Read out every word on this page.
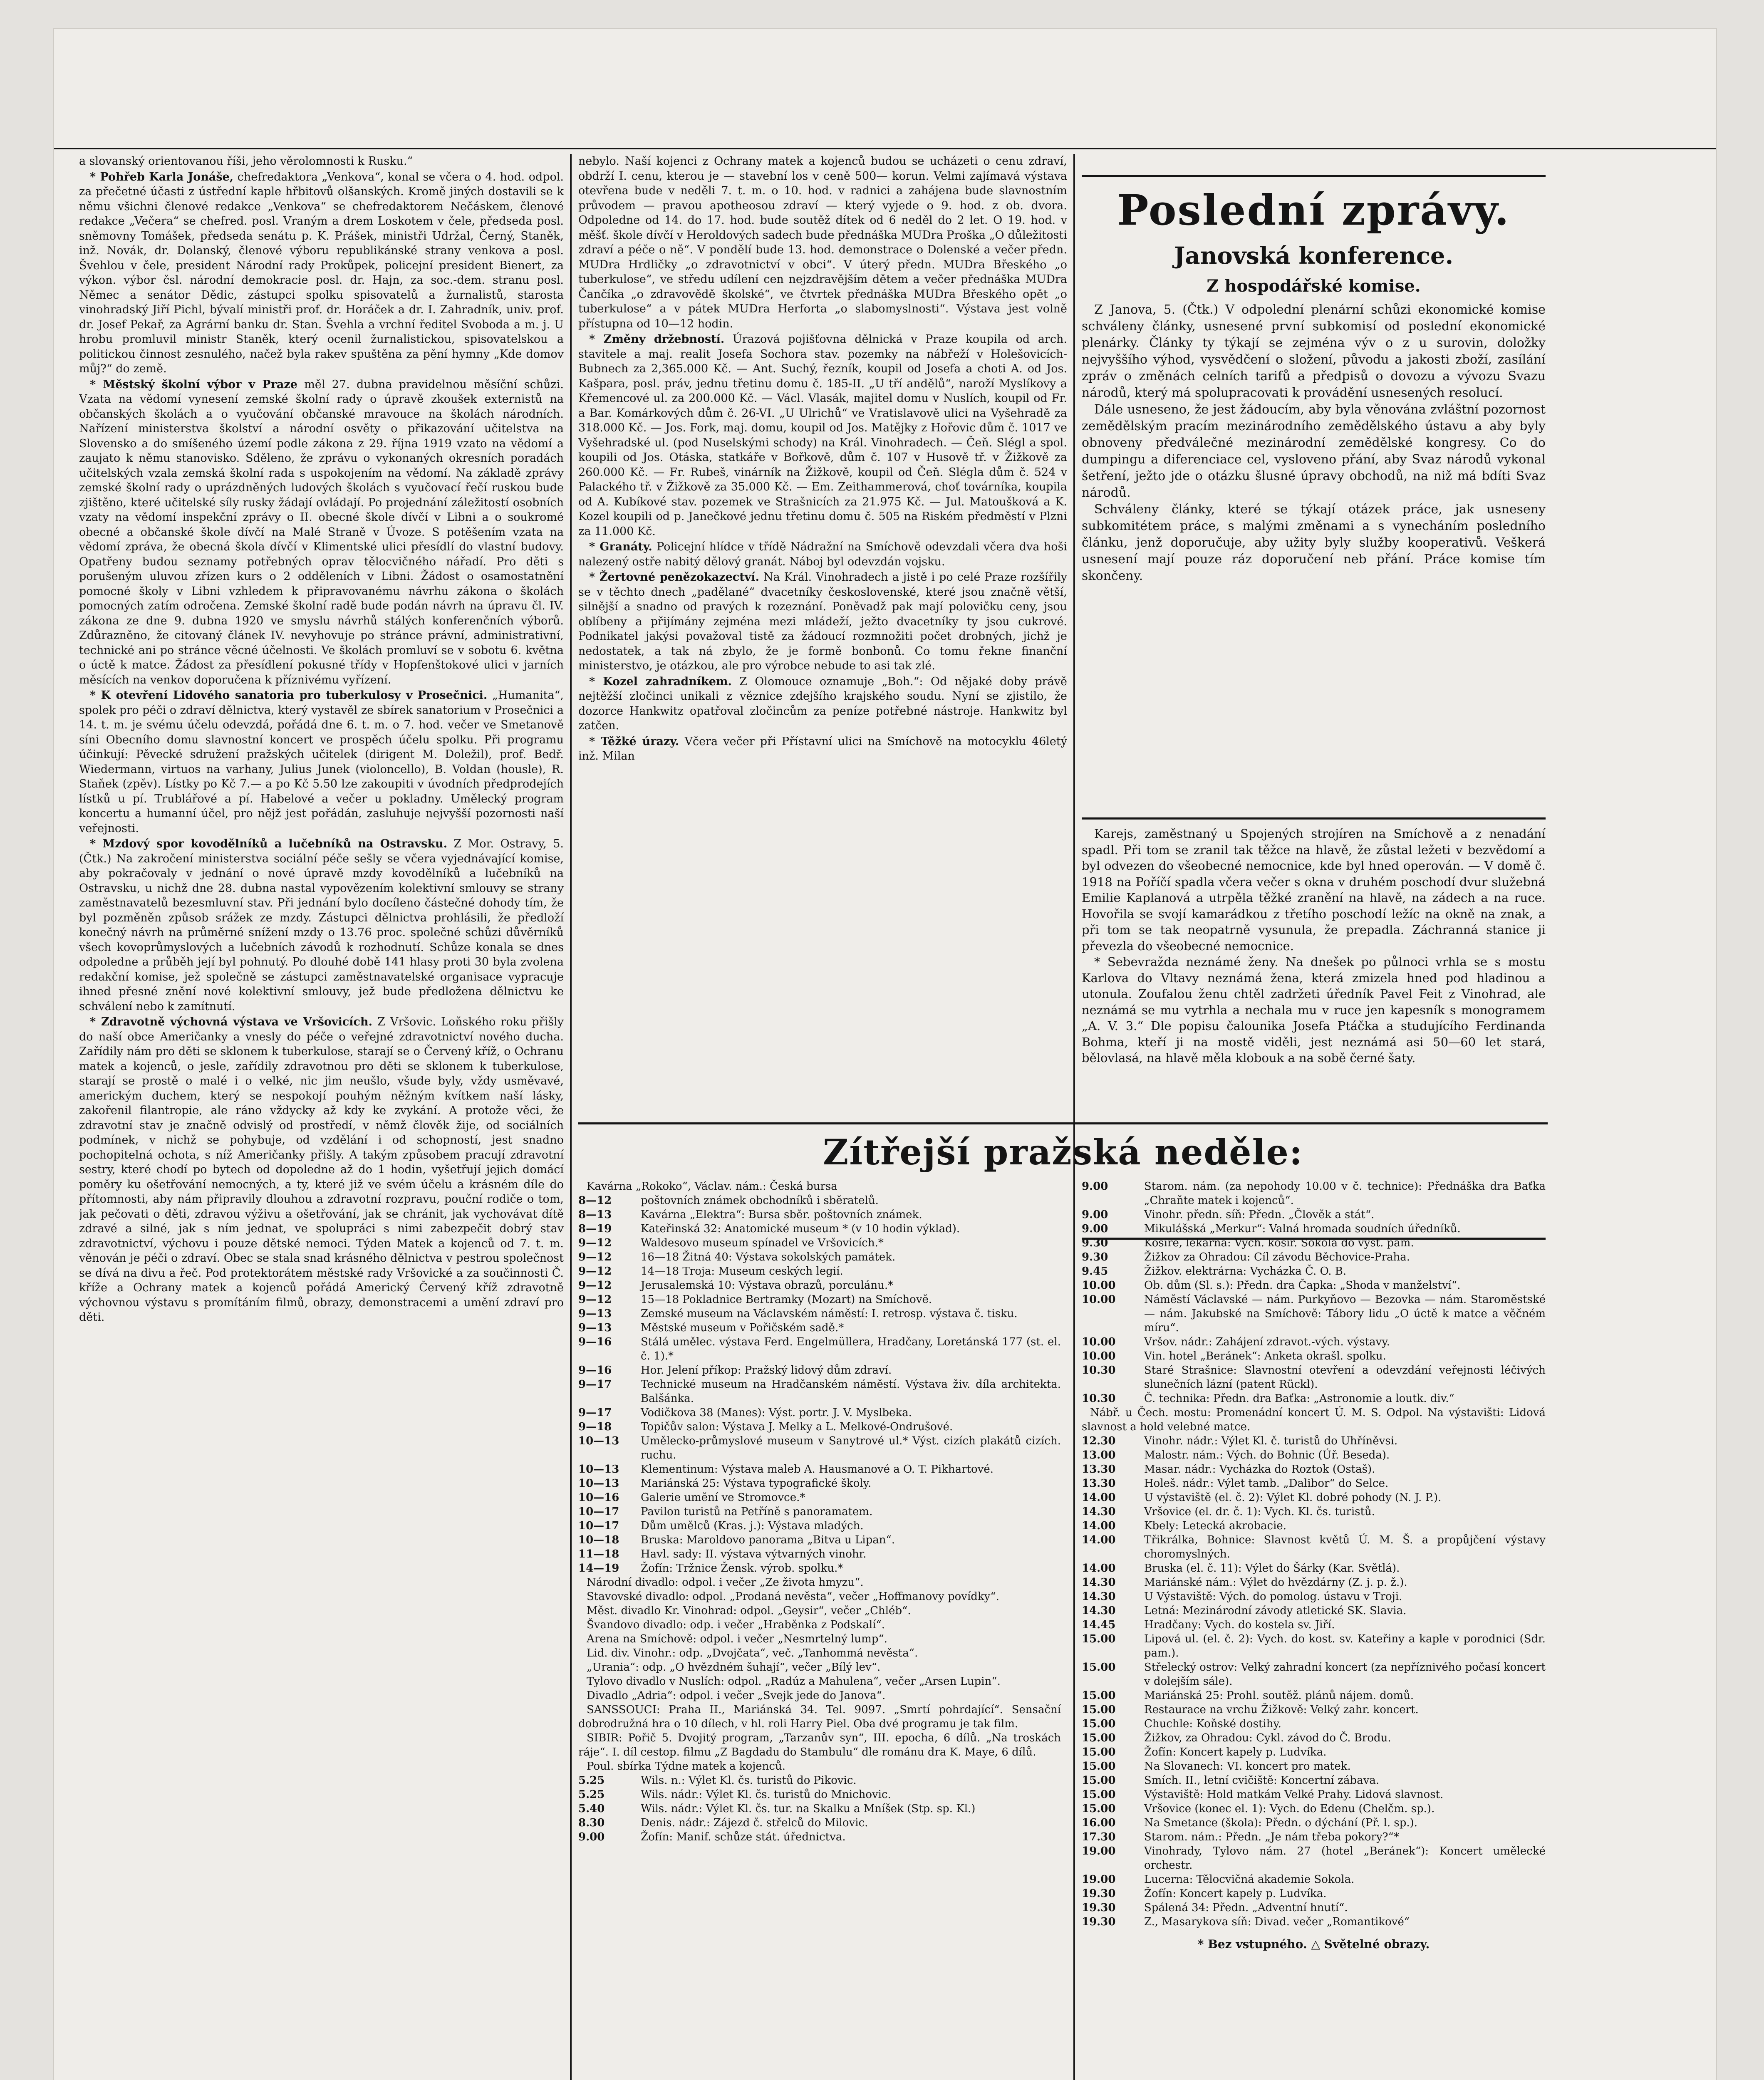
a slovanský orientovanou říši, jeho věrolomnosti k Rusku.“

* Pohřeb Karla Jonáše, chefredaktora „Venkova“, konal se včera o 4. hod. odpol. za přečetné účasti z ústřední kaple hřbitovů olšanských. Kromě jiných dostavili se k němu všichni členové redakce „Venkova“ se chefredaktorem Nečáskem, členové redakce „Večera“ se chefred. posl. Vraným a drem Loskotem v čele, předseda posl. sněmovny Tomášek, předseda senátu p. K. Prášek, ministři Udržal, Černý, Staněk, inž. Novák, dr. Dolanský, členové výboru republikánské strany venkova a posl. Švehlou v čele, president Národní rady Prokůpek, policejní president Bienert, za výkon. výbor čsl. národní demokracie posl. dr. Hajn, za soc.-dem. stranu posl. Němec a senátor Dědic, zástupci spolku spisovatelů a žurnalistů, starosta vinohradský Jiří Pichl, bývalí ministři prof. dr. Horáček a dr. I. Zahradník, univ. prof. dr. Josef Pekař, za Agrární banku dr. Stan. Švehla a vrchní ředitel Svoboda a m. j. U hrobu promluvil ministr Staněk, který ocenil žurnalistickou, spisovatelskou a politickou činnost zesnulého, načež byla rakev spuštěna za pění hymny „Kde domov můj?“ do země.

* Městský školní výbor v Praze měl 27. dubna pravidelnou měsíční schůzi. Vzata na vědomí vynesení zemské školní rady o úpravě zkoušek externistů na občanských školách a o vyučování občanské mravouce na školách národních. Nařízení ministerstva školství a národní osvěty o přikazování učitelstva na Slovensko a do smíšeného území podle zákona z 29. října 1919 vzato na vědomí a zaujato k němu stanovisko. Sděleno, že zprávu o vykonaných okresních poradách učitelských vzala zemská školní rada s uspokojením na vědomí. Na základě zprávy zemské školní rady o uprázdněných ludových školách s vyučovací řečí ruskou bude zjištěno, které učitelské síly rusky žádají ovládají. Po projednání záležitostí osobních vzaty na vědomí inspekční zprávy o II. obecné škole dívčí v Libni a o soukromé obecné a občanské škole dívčí na Malé Straně v Úvoze. S potěšením vzata na vědomí zpráva, že obecná škola dívčí v Klimentské ulici přesídlí do vlastní budovy. Opatřeny budou seznamy potřebných oprav tělocvičného nářadí. Pro děti s porušeným uluvou zřízen kurs o 2 odděleních v Libni. Žádost o osamostatnění pomocné školy v Libni vzhledem k připravovanému návrhu zákona o školách pomocných zatím odročena. Zemské školní radě bude podán návrh na úpravu čl. IV. zákona ze dne 9. dubna 1920 ve smyslu návrhů stálých konferenčních výborů. Zdůrazněno, že citovaný článek IV. nevyhovuje po stránce právní, administrativní, technické ani po stránce věcné účelnosti. Ve školách promluví se v sobotu 6. května o úctě k matce. Žádost za přesídlení pokusné třídy v Hopfenštokové ulici v jarních měsících na venkov doporučena k příznivému vyřízení.

* K otevření Lidového sanatoria pro tuberkulosy v Prosečnici. „Humanita“, spolek pro péči o zdraví dělnictva, který vystavěl ze sbírek sanatorium v Prosečnici a 14. t. m. je svému účelu odevzdá, pořádá dne 6. t. m. o 7. hod. večer ve Smetanově síni Obecního domu slavnostní koncert ve prospěch účelu spolku. Při programu účinkují: Pěvecké sdružení pražských učitelek (dirigent M. Doležil), prof. Bedř. Wiedermann, virtuos na varhany, Julius Junek (violoncello), B. Voldan (housle), R. Staňek (zpěv). Lístky po Kč 7.— a po Kč 5.50 lze zakoupiti v úvodních předprodejích lístků u pí. Trublářové a pí. Habelové a večer u pokladny. Umělecký program koncertu a humanní účel, pro nějž jest pořádán, zasluhuje nejvyšší pozornosti naší veřejnosti.

* Mzdový spor kovodělníků a lučebníků na Ostravsku. Z Mor. Ostravy, 5. (Čtk.) Na zakročení ministerstva sociální péče sešly se včera vyjednávající komise, aby pokračovaly v jednání o nové úpravě mzdy kovodělníků a lučebníků na Ostravsku, u nichž dne 28. dubna nastal vypovězením kolektivní smlouvy se strany zaměstnavatelů bezesmluvní stav. Při jednání bylo docíleno částečné dohody tím, že byl pozměněn způsob srážek ze mzdy. Zástupci dělnictva prohlásili, že předloží konečný návrh na průměrné snížení mzdy o 13.76 proc. společné schůzi důvěrníků všech kovoprůmyslových a lučebních závodů k rozhodnutí. Schůze konala se dnes odpoledne a průběh její byl pohnutý. Po dlouhé době 141 hlasy proti 30 byla zvolena redakční komise, jež společně se zástupci zaměstnavatelské organisace vypracuje ihned přesné znění nové kolektivní smlouvy, jež bude předložena dělnictvu ke schválení nebo k zamítnutí.

* Zdravotně výchovná výstava ve Vršovicích. Z Vršovic. Loňského roku přišly do naší obce Američanky a vnesly do péče o veřejné zdravotnictví nového ducha. Zařídily nám pro děti se sklonem k tuberkulose, starají se o Červený kříž, o Ochranu matek a kojenců, o jesle, zařídily zdravotnou pro děti se sklonem k tuberkulose, starají se prostě o malé i o velké, nic jim neušlo, všude byly, vždy usměvavé, americkým duchem, který se nespokojí pouhým něžným kvítkem naší lásky, zakořenil filantropie, ale ráno vždycky až kdy ke zvykání. A protože věci, že zdravotní stav je značně odvislý od prostředí, v němž člověk žije, od sociálních podmínek, v nichž se pohybuje, od vzdělání i od schopností, jest snadno pochopitelná ochota, s níž Američanky přišly. A takým způsobem pracují zdravotní sestry, které chodí po bytech od dopoledne až do 1 hodin, vyšetřují jejich domácí poměry ku ošetřování nemocných, a ty, které již ve svém účelu a krásném díle do přítomnosti, aby nám připravily dlouhou a zdravotní rozpravu, pouční rodiče o tom, jak pečovati o děti, zdravou výživu a ošetřování, jak se chránit, jak vychovávat dítě zdravé a silné, jak s ním jednat, ve spolupráci s nimi zabezpečit dobrý stav zdravotnictví, výchovu i pouze dětské nemoci. Týden Matek a kojenců od 7. t. m. věnován je péči o zdraví. Obec se stala snad krásného dělnictva v pestrou společnost se dívá na divu a řeč. Pod protektorátem městské rady Vršovické a za součinnosti Č. kříže a Ochrany matek a kojenců pořádá Americký Červený kříž zdravotně výchovnou výstavu s promítáním filmů, obrazy, demonstracemi a umění zdraví pro děti.

nebylo. Naší kojenci z Ochrany matek a kojenců budou se ucházeti o cenu zdraví, obdrží I. cenu, kterou je — stavební los v ceně 500— korun. Velmi zajímavá výstava otevřena bude v neděli 7. t. m. o 10. hod. v radnici a zahájena bude slavnostním průvodem — pravou apotheosou zdraví — který vyjede o 9. hod. z ob. dvora. Odpoledne od 14. do 17. hod. bude soutěž dítek od 6 neděl do 2 let. O 19. hod. v měšť. škole dívčí v Heroldových sadech bude přednáška MUDra Proška „O důležitosti zdraví a péče o ně“. V pondělí bude 13. hod. demonstrace o Dolenské a večer předn. MUDra Hrdličky „o zdravotnictví v obci“. V úterý předn. MUDra Břeského „o tuberkulose“, ve středu udílení cen nejzdravějším dětem a večer přednáška MUDra Čančíka „o zdravovědě školské“, ve čtvrtek přednáška MUDra Břeského opět „o tuberkulose“ a v pátek MUDra Herforta „o slabomyslnosti“. Výstava jest volně přístupna od 10—12 hodin.

* Změny držebností. Úrazová pojišťovna dělnická v Praze koupila od arch. stavitele a maj. realit Josefa Sochora stav. pozemky na nábřeží v Holešovicích-Bubnech za 2,365.000 Kč. — Ant. Suchý, řezník, koupil od Josefa a choti A. od Jos. Kašpara, posl. práv, jednu třetinu domu č. 185-II. „U tří andělů“, naroží Myslíkovy a Křemencové ul. za 200.000 Kč. — Václ. Vlasák, majitel domu v Nuslích, koupil od Fr. a Bar. Komárkových dům č. 26-VI. „U Ulrichů“ ve Vratislavově ulici na Vyšehradě za 318.000 Kč. — Jos. Fork, maj. domu, koupil od Jos. Matějky z Hořovic dům č. 1017 ve Vyšehradské ul. (pod Nuselskými schody) na Král. Vinohradech. — Čeň. Slégl a spol. koupili od Jos. Otáska, statkáře v Bořkově, dům č. 107 v Husově tř. v Žižkově za 260.000 Kč. — Fr. Rubeš, vinárník na Žižkově, koupil od Čeň. Slégla dům č. 524 v Palackého tř. v Žižkově za 35.000 Kč. — Em. Zeithammerová, choť továrníka, koupila od A. Kubíkové stav. pozemek ve Strašnicích za 21.975 Kč. — Jul. Matoušková a K. Kozel koupili od p. Janečkové jednu třetinu domu č. 505 na Riském předměstí v Plzni za 11.000 Kč.

* Granáty. Policejní hlídce v třídě Nádražní na Smíchově odevzdali včera dva hoši nalezený ostře nabitý dělový granát. Náboj byl odevzdán vojsku.

* Žertovné penězokazectví. Na Král. Vinohradech a jistě i po celé Praze rozšířily se v těchto dnech „padělané“ dvacetníky československé, které jsou značně větší, silnější a snadno od pravých k rozeznání. Poněvadž pak mají polovičku ceny, jsou oblíbeny a přijímány zejména mezi mládeží, ježto dvacetníky ty jsou cukrové. Podnikatel jakýsi považoval tistě za žádoucí rozmnožiti počet drobných, jichž je nedostatek, a tak ná zbylo, že je formě bonbonů. Co tomu řekne finanční ministerstvo, je otázkou, ale pro výrobce nebude to asi tak zlé.

* Kozel zahradníkem. Z Olomouce oznamuje „Boh.“: Od nějaké doby právě nejtěžší zločinci unikali z věznice zdejšího krajského soudu. Nyní se zjistilo, že dozorce Hankwitz opatřoval zločincům za peníze potřebné nástroje. Hankwitz byl zatčen.

* Těžké úrazy. Včera večer při Přístavní ulici na Smíchově na motocyklu 46letý inž. Milan

Poslední zprávy.
Janovská konference.
Z hospodářské komise.

Z Janova, 5. (Čtk.) V odpolední plenární schůzi ekonomické komise schváleny články, usnesené první subkomisí od poslední ekonomické plenárky. Články ty týkají se zejména výv o z u surovin, doložky nejvyššího výhod, vysvědčení o složení, původu a jakosti zboží, zasílání zpráv o změnách celních tarifů a předpisů o dovozu a vývozu Svazu národů, který má spolupracovati k provádění usnesených resolucí.

Dále usneseno, že jest žádoucím, aby byla věnována zvláštní pozornost zemědělským pracím mezinárodního zemědělského ústavu a aby byly obnoveny předválečné mezinárodní zemědělské kongresy. Co do dumpingu a diferenciace cel, vysloveno přání, aby Svaz národů vykonal šetření, ježto jde o otázku šlusné úpravy obchodů, na niž má bdíti Svaz národů.

Schváleny články, které se týkají otázek práce, jak usneseny subkomitétem práce, s malými změnami a s vynecháním posledního článku, jenž doporučuje, aby užity byly služby kooperativů. Veškerá usnesení mají pouze ráz doporučení neb přání. Práce komise tím skončeny.

Karejs, zaměstnaný u Spojených strojíren na Smíchově a z nenadání spadl. Při tom se zranil tak těžce na hlavě, že zůstal ležeti v bezvědomí a byl odvezen do všeobecné nemocnice, kde byl hned operován. — V domě č. 1918 na Poříčí spadla včera večer s okna v druhém poschodí dvur služebná Emilie Kaplanová a utrpěla těžké zranění na hlavě, na zádech a na ruce. Hovořila se svojí kamarádkou z třetího poschodí ležíc na okně na znak, a při tom se tak neopatrně vysunula, že prepadla. Záchranná stanice ji převezla do všeobecné nemocnice.

* Sebevražda neznámé ženy. Na dnešek po půlnoci vrhla se s mostu Karlova do Vltavy neznámá žena, která zmizela hned pod hladinou a utonula. Zoufalou ženu chtěl zadržeti úředník Pavel Feit z Vinohrad, ale neznámá se mu vytrhla a nechala mu v ruce jen kapesník s monogramem „A. V. 3.“ Dle popisu čalounika Josefa Ptáčka a studujícího Ferdinanda Bohma, kteří ji na mostě viděli, jest neznámá asi 50—60 let stará, bělovlasá, na hlavě měla klobouk a na sobě černé šaty.

Zítřejší pražská neděle:
Kavárna „Rokoko“, Václav. nám.: Česká bursa
8—12	poštovních známek obchodníků i sběratelů.
8—13	Kavárna „Elektra“: Bursa sběr. poštovních známek.
8—19	Kateřinská 32: Anatomické museum * (v 10 hodin výklad).
9—12	Waldesovo museum spínadel ve Vršovicích.*
9—12	16—18 Žitná 40: Výstava sokolských památek.
9—12	14—18 Troja: Museum ceských legií.
9—12	Jerusalemská 10: Výstava obrazů, porculánu.*
9—12	15—18 Pokladnice Bertramky (Mozart) na Smíchově.
9—13	Zemské museum na Václavském náměstí: I. retrosp. výstava č. tisku.
9—13	Městské museum v Pořičském sadě.*
9—16	Stálá umělec. výstava Ferd. Engelmüllera, Hradčany, Loretánská 177 (st. el. č. 1).*
9—16	Hor. Jelení příkop: Pražský lidový dům zdraví.
9—17	Technické museum na Hradčanském náměstí. Výstava živ. díla architekta. Balšánka.
9—17	Vodičkova 38 (Manes): Výst. portr. J. V. Myslbeka.
9—18	Topičův salon: Výstava J. Melky a L. Melkové-Ondrušové.
10—13	Umělecko-průmyslové museum v Sanytrové ul.* Výst. cizích plakátů cizích. ruchu.
10—13	Klementinum: Výstava maleb A. Hausmanové a O. T. Pikhartové.
10—13	Mariánská 25: Výstava typografické školy.
10—16	Galerie umění ve Stromovce.*
10—17	Pavilon turistů na Petříně s panoramatem.
10—17	Dům umělců (Kras. j.): Výstava mladých.
10—18	Bruska: Maroldovo panorama „Bitva u Lipan“.
11—18	Havl. sady: II. výstava výtvarných vinohr.
14—19	Žofín: Tržnice Žensk. výrob. spolku.*
Národní divadlo: odpol. i večer „Ze života hmyzu“.
Stavovské divadlo: odpol. „Prodaná nevěsta“, večer „Hoffmanovy povídky“.
Měst. divadlo Kr. Vinohrad: odpol. „Geysir“, večer „Chléb“.
Švandovo divadlo: odp. i večer „Hraběnka z Podskalí“.
Arena na Smíchově: odpol. i večer „Nesmrtelný lump“.
Lid. div. Vinohr.: odp. „Dvojčata“, več. „Tanhommá nevěsta“.
„Urania“: odp. „O hvězdném šuhají“, večer „Bílý lev“.
Tylovo divadlo v Nuslích: odpol. „Radúz a Mahulena“, večer „Arsen Lupin“.
Divadlo „Adria“: odpol. i večer „Svejk jede do Janova“.
SANSSOUCI: Praha II., Mariánská 34. Tel. 9097. „Smrtí pohrdající“. Sensační dobrodružná hra o 10 dílech, v hl. roli Harry Piel. Oba dvé programu je tak film.
SIBIR: Pořič 5. Dvojitý program, „Tarzanův syn“, III. epocha, 6 dílů. „Na troskách ráje“. I. díl cestop. filmu „Z Bagdadu do Stambulu“ dle románu dra K. Maye, 6 dílů.
Poul. sbírka Týdne matek a kojenců.
5.25	Wils. n.: Výlet Kl. čs. turistů do Pikovic.
5.25	Wils. nádr.: Výlet Kl. čs. turistů do Mnichovic.
5.40	Wils. nádr.: Výlet Kl. čs. tur. na Skalku a Mníšek (Stp. sp. Kl.)
8.30	Denis. nádr.: Zájezd č. střelců do Milovic.
9.00	Žofín: Manif. schůze stát. úřednictva.
9.00	Starom. nám. (za nepohody 10.00 v č. technice): Přednáška dra Baťka „Chraňte matek i kojenců“.
9.00	Vinohr. předn. síň: Předn. „Člověk a stát“.
9.00	Mikulášská „Merkur“: Valná hromada soudních úředníků.
9.30	Košíře, lékárna: Vych. košíř. Sokola do výst. pam.
9.30	Žižkov za Ohradou: Cíl závodu Běchovice-Praha.
9.45	Žižkov. elektrárna: Vycházka Č. O. B.
10.00	Ob. dům (Sl. s.): Předn. dra Čapka: „Shoda v manželství“.
10.00	Náměstí Václavské — nám. Purkyňovo — Bezovka — nám. Staroměstské — nám. Jakubské na Smíchově: Tábory lidu „O úctě k matce a věčném míru“.
10.00	Vršov. nádr.: Zahájení zdravot.-vých. výstavy.
10.00	Vin. hotel „Beránek“: Anketa okrašl. spolku.
10.30	Staré Strašnice: Slavnostní otevření a odevzdání veřejnosti léčivých slunečních lázní (patent Rückl).
10.30	Č. technika: Předn. dra Baťka: „Astronomie a loutk. div.“
Nábř. u Čech. mostu: Promenádní koncert Ú. M. S. Odpol. Na výstavišti: Lidová slavnost a hold velebné matce.
12.30	Vinohr. nádr.: Výlet Kl. č. turistů do Uhříněvsi.
13.00	Malostr. nám.: Vých. do Bohnic (Úř. Beseda).
13.30	Masar. nádr.: Vycházka do Roztok (Ostaš).
13.30	Holeš. nádr.: Výlet tamb. „Dalibor“ do Selce.
14.00	U výstaviště (el. č. 2): Výlet Kl. dobré pohody (N. J. P.).
14.30	Vršovice (el. dr. č. 1): Vych. Kl. čs. turistů.
14.00	Kbely: Letecká akrobacie.
14.00	Třikrálka, Bohnice: Slavnost květů Ú. M. Š. a propůjčení výstavy choromyslných.
14.00	Bruska (el. č. 11): Výlet do Šárky (Kar. Světlá).
14.30	Mariánské nám.: Výlet do hvězdárny (Z. j. p. ž.).
14.30	U Výstaviště: Vých. do pomolog. ústavu v Troji.
14.30	Letná: Mezinárodní závody atletické SK. Slavia.
14.45	Hradčany: Vych. do kostela sv. Jiří.
15.00	Lipová ul. (el. č. 2): Vych. do kost. sv. Kateřiny a kaple v porodnici (Sdr. pam.).
15.00	Střelecký ostrov: Velký zahradní koncert (za nepříznivého počasí koncert v dolejším sále).
15.00	Mariánská 25: Prohl. soutěž. plánů nájem. domů.
15.00	Restaurace na vrchu Žižkově: Velký zahr. koncert.
15.00	Chuchle: Koňské dostihy.
15.00	Žižkov, za Ohradou: Cykl. závod do Č. Brodu.
15.00	Žofín: Koncert kapely p. Ludvíka.
15.00	Na Slovanech: VI. koncert pro matek.
15.00	Smích. II., letní cvičiště: Koncertní zábava.
15.00	Výstaviště: Hold matkám Velké Prahy. Lidová slavnost.
15.00	Vršovice (konec el. 1): Vych. do Edenu (Chelčm. sp.).
16.00	Na Smetance (škola): Předn. o dýchání (Př. l. sp.).
17.30	Starom. nám.: Předn. „Je nám třeba pokory?“*
19.00	Vinohrady, Tylovo nám. 27 (hotel „Beránek“): Koncert umělecké orchestr.
19.00	Lucerna: Tělocvičná akademie Sokola.
19.30	Žofín: Koncert kapely p. Ludvíka.
19.30	Spálená 34: Předn. „Adventní hnutí“.
19.30	Z., Masarykova síň: Divad. večer „Romantikové“
* Bez vstupného. △ Světelné obrazy.
